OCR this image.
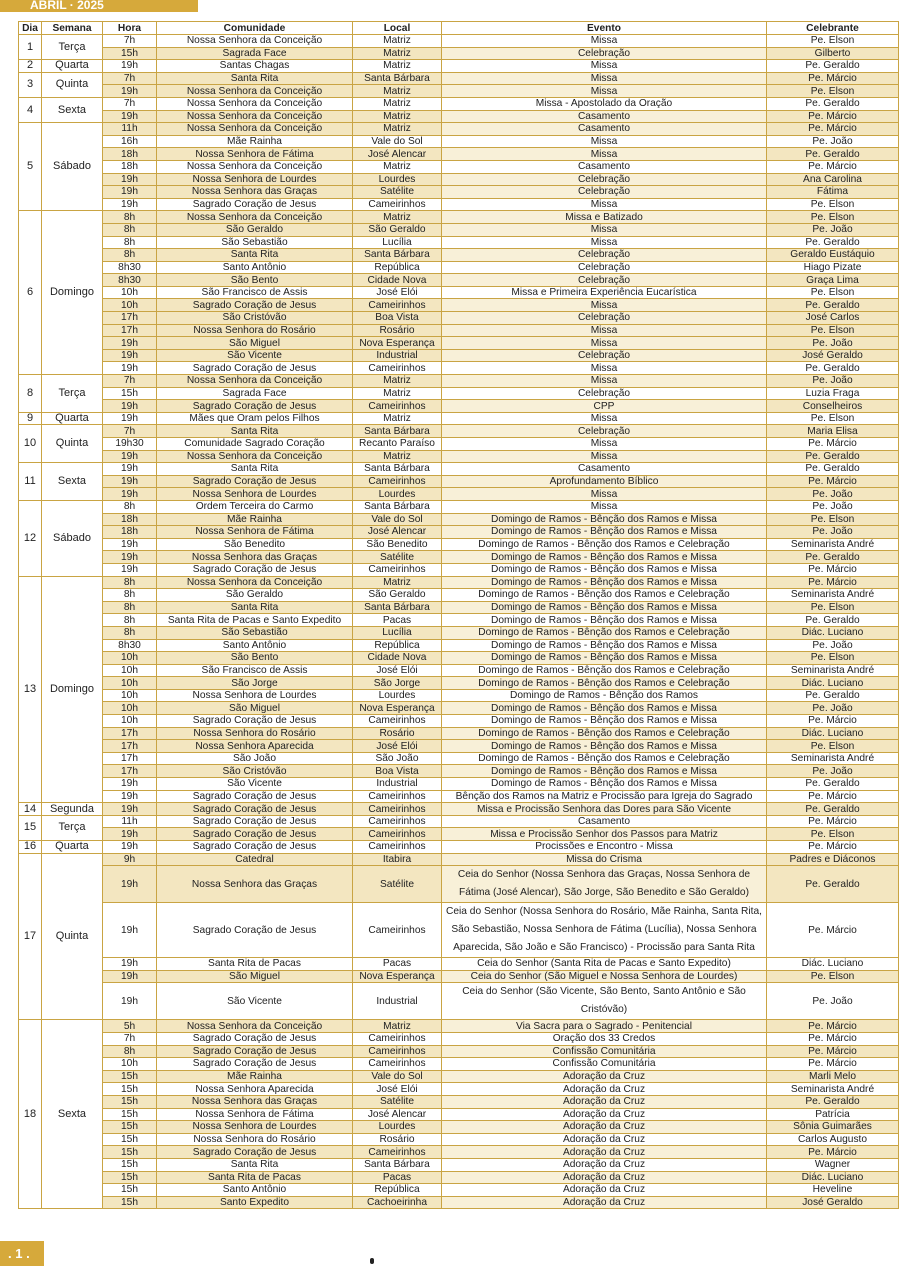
ABRIL · 2025
Dia	Semana	Hora	Comunidade	Local	Evento	Celebrante
1	Terça	7h	Nossa Senhora da Conceição	Matriz	Missa	Pe. Elson
		15h	Sagrada Face	Matriz	Celebração	Gilberto
2	Quarta	19h	Santas Chagas	Matriz	Missa	Pe. Geraldo
3	Quinta	7h	Santa Rita	Santa Bárbara	Missa	Pe. Márcio
		19h	Nossa Senhora da Conceição	Matriz	Missa	Pe. Elson
4	Sexta	7h	Nossa Senhora da Conceição	Matriz	Missa - Apostolado da Oração	Pe. Geraldo
		19h	Nossa Senhora da Conceição	Matriz	Casamento	Pe. Márcio
5	Sábado	11h	Nossa Senhora da Conceição	Matriz	Casamento	Pe. Márcio
		16h	Mãe Rainha	Vale do Sol	Missa	Pe. João
		18h	Nossa Senhora de Fátima	José Alencar	Missa	Pe. Geraldo
		18h	Nossa Senhora da Conceição	Matriz	Casamento	Pe. Márcio
		19h	Nossa Senhora de Lourdes	Lourdes	Celebração	Ana Carolina
		19h	Nossa Senhora das Graças	Satélite	Celebração	Fátima
		19h	Sagrado Coração de Jesus	Cameirinhos	Missa	Pe. Elson
6	Domingo	8h	Nossa Senhora da Conceição	Matriz	Missa e Batizado	Pe. Elson
		8h	São Geraldo	São Geraldo	Missa	Pe. João
		8h	São Sebastião	Lucília	Missa	Pe. Geraldo
		8h	Santa Rita	Santa Bárbara	Celebração	Geraldo Eustáquio
		8h30	Santo Antônio	República	Celebração	Hiago Pizate
		8h30	São Bento	Cidade Nova	Celebração	Graça Lima
		10h	São Francisco de Assis	José Elói	Missa e Primeira Experiência Eucarística	Pe. Elson
		10h	Sagrado Coração de Jesus	Cameirinhos	Missa	Pe. Geraldo
		17h	São Cristóvão	Boa Vista	Celebração	José Carlos
		17h	Nossa Senhora do Rosário	Rosário	Missa	Pe. Elson
		19h	São Miguel	Nova Esperança	Missa	Pe. João
		19h	São Vicente	Industrial	Celebração	José Geraldo
		19h	Sagrado Coração de Jesus	Cameirinhos	Missa	Pe. Geraldo
8	Terça	7h	Nossa Senhora da Conceição	Matriz	Missa	Pe. João
		15h	Sagrada Face	Matriz	Celebração	Luzia Fraga
		19h	Sagrado Coração de Jesus	Cameirinhos	CPP	Conselheiros
9	Quarta	19h	Mães que Oram pelos Filhos	Matriz	Missa	Pe. Elson
10	Quinta	7h	Santa Rita	Santa Bárbara	Celebração	Maria Elisa
		19h30	Comunidade Sagrado Coração	Recanto Paraíso	Missa	Pe. Márcio
		19h	Nossa Senhora da Conceição	Matriz	Missa	Pe. Geraldo
11	Sexta	19h	Santa Rita	Santa Bárbara	Casamento	Pe. Geraldo
		19h	Sagrado Coração de Jesus	Cameirinhos	Aprofundamento Bíblico	Pe. Márcio
		19h	Nossa Senhora de Lourdes	Lourdes	Missa	Pe. João
12	Sábado	8h	Ordem Terceira do Carmo	Santa Bárbara	Missa	Pe. João
		18h	Mãe Rainha	Vale do Sol	Domingo de Ramos - Bênção dos Ramos e Missa	Pe. Elson
		18h	Nossa Senhora de Fátima	José Alencar	Domingo de Ramos - Bênção dos Ramos e Missa	Pe. João
		19h	São Benedito	São Benedito	Domingo de Ramos - Bênção dos Ramos e Celebração	Seminarista André
		19h	Nossa Senhora das Graças	Satélite	Domingo de Ramos - Bênção dos Ramos e Missa	Pe. Geraldo
		19h	Sagrado Coração de Jesus	Cameirinhos	Domingo de Ramos - Bênção dos Ramos e Missa	Pe. Márcio
13	Domingo	8h	Nossa Senhora da Conceição	Matriz	Domingo de Ramos - Bênção dos Ramos e Missa	Pe. Márcio
		8h	São Geraldo	São Geraldo	Domingo de Ramos - Bênção dos Ramos e Celebração	Seminarista André
		8h	Santa Rita	Santa Bárbara	Domingo de Ramos - Bênção dos Ramos e Missa	Pe. Elson
		8h	Santa Rita de Pacas e Santo Expedito	Pacas	Domingo de Ramos - Bênção dos Ramos e Missa	Pe. Geraldo
		8h	São Sebastião	Lucília	Domingo de Ramos - Bênção dos Ramos e Celebração	Diác. Luciano
		8h30	Santo Antônio	República	Domingo de Ramos - Bênção dos Ramos e Missa	Pe. João
		10h	São Bento	Cidade Nova	Domingo de Ramos - Bênção dos Ramos e Missa	Pe. Elson
		10h	São Francisco de Assis	José Elói	Domingo de Ramos - Bênção dos Ramos e Celebração	Seminarista André
		10h	São Jorge	São Jorge	Domingo de Ramos - Bênção dos Ramos e Celebração	Diác. Luciano
		10h	Nossa Senhora de Lourdes	Lourdes	Domingo de Ramos - Bênção dos Ramos	Pe. Geraldo
		10h	São Miguel	Nova Esperança	Domingo de Ramos - Bênção dos Ramos e Missa	Pe. João
		10h	Sagrado Coração de Jesus	Cameirinhos	Domingo de Ramos - Bênção dos Ramos e Missa	Pe. Márcio
		17h	Nossa Senhora do Rosário	Rosário	Domingo de Ramos - Bênção dos Ramos e Celebração	Diác. Luciano
		17h	Nossa Senhora Aparecida	José Elói	Domingo de Ramos - Bênção dos Ramos e Missa	Pe. Elson
		17h	São João	São João	Domingo de Ramos - Bênção dos Ramos e Celebração	Seminarista André
		17h	São Cristóvão	Boa Vista	Domingo de Ramos - Bênção dos Ramos e Missa	Pe. João
		19h	São Vicente	Industrial	Domingo de Ramos - Bênção dos Ramos e Missa	Pe. Geraldo
		19h	Sagrado Coração de Jesus	Cameirinhos	Bênção dos Ramos na Matriz e Procissão para Igreja do Sagrado	Pe. Márcio
14	Segunda	19h	Sagrado Coração de Jesus	Cameirinhos	Missa e Procissão Senhora das Dores para São Vicente	Pe. Geraldo
15	Terça	11h	Sagrado Coração de Jesus	Cameirinhos	Casamento	Pe. Márcio
		19h	Sagrado Coração de Jesus	Cameirinhos	Missa e Procissão Senhor dos Passos para Matriz	Pe. Elson
16	Quarta	19h	Sagrado Coração de Jesus	Cameirinhos	Procissões e Encontro - Missa	Pe. Márcio
17	Quinta	9h	Catedral	Itabira	Missa do Crisma	Padres e Diáconos
		19h	Nossa Senhora das Graças	Satélite	Ceia do Senhor (Nossa Senhora das Graças, Nossa Senhora de Fátima (José Alencar), São Jorge, São Benedito e São Geraldo)	Pe. Geraldo
		19h	Sagrado Coração de Jesus	Cameirinhos	Ceia do Senhor (Nossa Senhora do Rosário, Mãe Rainha, Santa Rita, São Sebastião, Nossa Senhora de Fátima (Lucília), Nossa Senhora Aparecida, São João e São Francisco) - Procissão para Santa Rita	Pe. Márcio
		19h	Santa Rita de Pacas	Pacas	Ceia do Senhor (Santa Rita de Pacas e Santo Expedito)	Diác. Luciano
		19h	São Miguel	Nova Esperança	Ceia do Senhor (São Miguel e Nossa Senhora de Lourdes)	Pe. Elson
		19h	São Vicente	Industrial	Ceia do Senhor (São Vicente, São Bento, Santo Antônio e São Cristóvão)	Pe. João
18	Sexta	5h	Nossa Senhora da Conceição	Matriz	Via Sacra para o Sagrado - Penitencial	Pe. Márcio
		7h	Sagrado Coração de Jesus	Cameirinhos	Oração dos 33 Credos	Pe. Márcio
		8h	Sagrado Coração de Jesus	Cameirinhos	Confissão Comunitária	Pe. Márcio
		10h	Sagrado Coração de Jesus	Cameirinhos	Confissão Comunitária	Pe. Márcio
		15h	Mãe Rainha	Vale do Sol	Adoração da Cruz	Marli Melo
		15h	Nossa Senhora Aparecida	José Elói	Adoração da Cruz	Seminarista André
		15h	Nossa Senhora das Graças	Satélite	Adoração da Cruz	Pe. Geraldo
		15h	Nossa Senhora de Fátima	José Alencar	Adoração da Cruz	Patrícia
		15h	Nossa Senhora de Lourdes	Lourdes	Adoração da Cruz	Sônia Guimarães
		15h	Nossa Senhora do Rosário	Rosário	Adoração da Cruz	Carlos Augusto
		15h	Sagrado Coração de Jesus	Cameirinhos	Adoração da Cruz	Pe. Márcio
		15h	Santa Rita	Santa Bárbara	Adoração da Cruz	Wagner
		15h	Santa Rita de Pacas	Pacas	Adoração da Cruz	Diác. Luciano
		15h	Santo Antônio	República	Adoração da Cruz	Heveline
		15h	Santo Expedito	Cachoeirinha	Adoração da Cruz	José Geraldo
. 1 .
